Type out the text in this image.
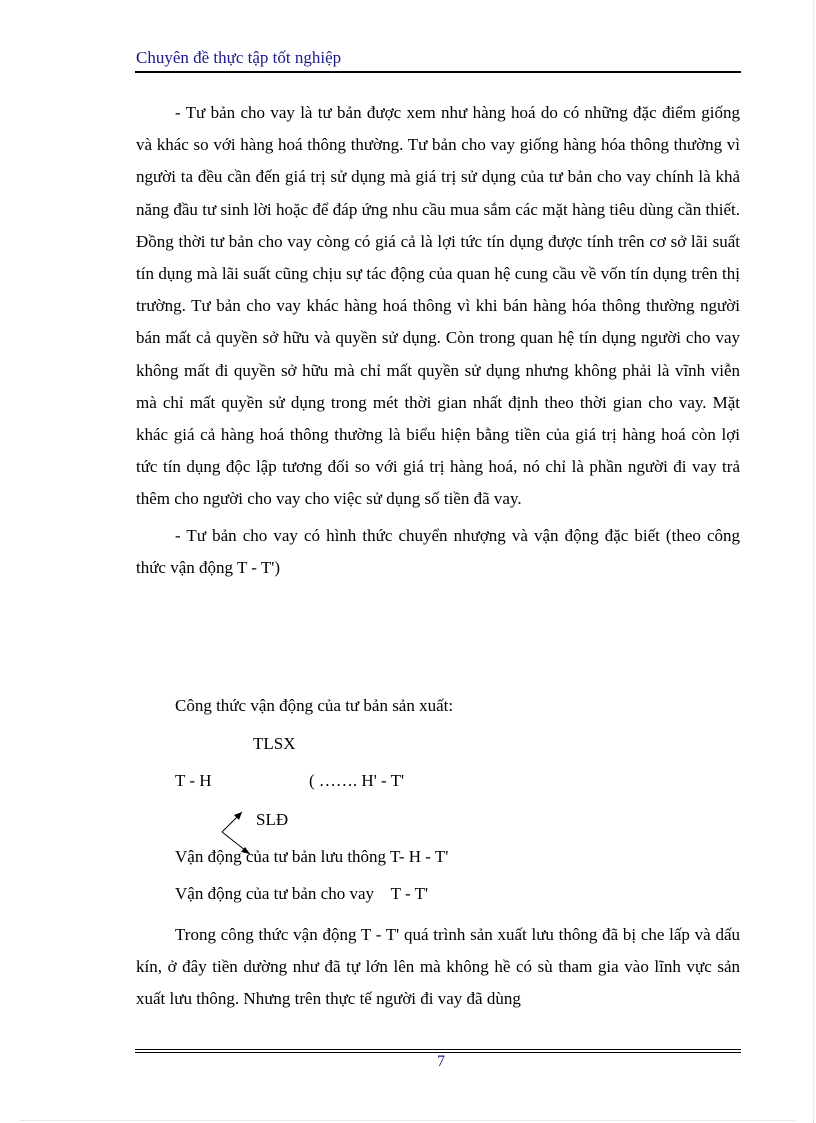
Chuyên đề thực tập tốt nghiệp

- Tư bản cho vay là tư bản được xem như hàng hoá do có những đặc điểm giống và khác so với hàng hoá thông thường. Tư bản cho vay giống hàng hóa thông thường vì người ta đều cần đến giá trị sử dụng mà giá trị sử dụng của tư bản cho vay chính là khả năng đầu tư sinh lời hoặc để đáp ứng nhu cầu mua sắm các mặt hàng tiêu dùng cần thiết. Đồng thời tư bản cho vay còng có giá cả là lợi tức tín dụng được tính trên cơ sở lãi suất tín dụng mà lãi suất cũng chịu sự tác động của quan hệ cung cầu về vốn tín dụng trên thị trường. Tư bản cho vay khác hàng hoá thông vì khi bán hàng hóa thông thường người bán mất cả quyền sở hữu và quyền sử dụng. Còn trong quan hệ tín dụng người cho vay không mất đi quyền sở hữu mà chỉ mất quyền sử dụng nhưng không phải là vĩnh viễn mà chỉ mất quyền sử dụng trong mét thời gian nhất định theo thời gian cho vay. Mặt khác giá cả hàng hoá thông thường là biểu hiện bằng tiền của giá trị hàng hoá còn lợi tức tín dụng độc lập tương đối so với giá trị hàng hoá, nó chỉ là phần người đi vay trả thêm cho người cho vay cho việc sử dụng số tiền đã vay.

- Tư bản cho vay có hình thức chuyển nhượng và vận động đặc biết (theo công thức vận động T - T')

Công thức vận động của tư bản sản xuất:
TLSX
T - H	( ……. H' - T'
SLĐ
Vận động của tư bản lưu thông T- H - T'
Vận động của tư bản cho vay    T - T'

Trong công thức vận động T - T' quá trình sản xuất lưu thông đã bị che lấp và dấu kín, ở đây tiền dường như đã tự lớn lên mà không hề có sù tham gia vào lĩnh vực sản xuất lưu thông. Nhưng trên thực tế người đi vay đã dùng

7
